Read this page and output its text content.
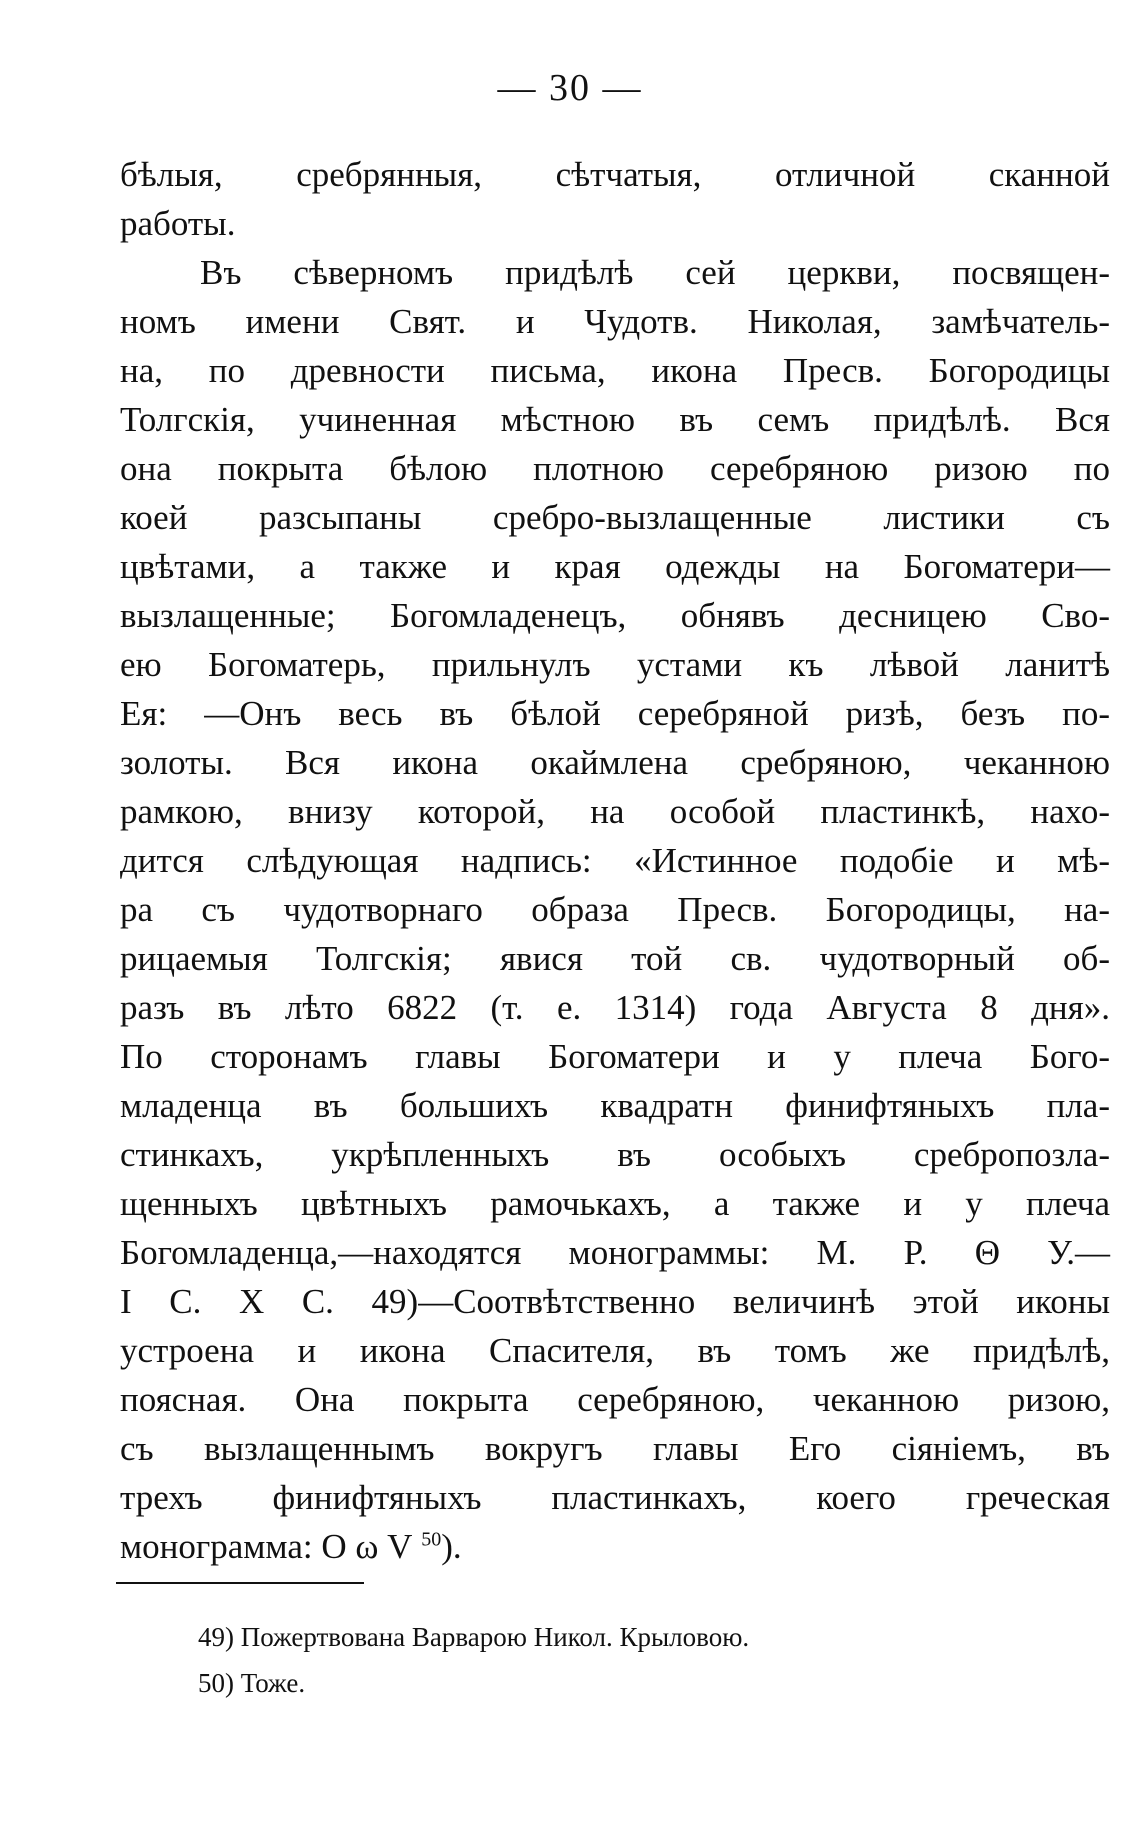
— 30 —
бѣлыя, сребрянныя, сѣтчатыя, отличной сканной
работы.
Въ сѣверномъ придѣлѣ сей церкви, посвящен-
номъ имени Свят. и Чудотв. Николая, замѣчатель-
на, по древности письма, икона Пресв. Богородицы
Толгскія, учиненная мѣстною въ семъ придѣлѣ. Вся
она покрыта бѣлою плотною серебряною ризою по
коей разсыпаны сребро-вызлащенные листики съ
цвѣтами, а также и края одежды на Богоматери—
вызлащенные; Богомладенецъ, обнявъ десницею Сво-
ею Богоматерь, прильнулъ устами къ лѣвой ланитѣ
Ея: —Онъ весь въ бѣлой серебряной ризѣ, безъ по-
золоты. Вся икона окаймлена сребряною, чеканною
рамкою, внизу которой, на особой пластинкѣ, нахо-
дится слѣдующая надпись: «Истинное подобіе и мѣ-
ра съ чудотворнаго образа Пресв. Богородицы, на-
рицаемыя Толгскія; явися той св. чудотворный об-
разъ въ лѣто 6822 (т. е. 1314) года Августа 8 дня».
По сторонамъ главы Богоматери и у плеча Бого-
младенца въ большихъ квадратн финифтяныхъ пла-
стинкахъ, укрѣпленныхъ въ особыхъ сребропозла-
щенныхъ цвѣтныхъ рамочькахъ, а также и у плеча
Богомладенца,—находятся монограммы: М. Р. Θ У.—
I С. X С. 49)—Соотвѣтственно величинѣ этой иконы
устроена и икона Спасителя, въ томъ же придѣлѣ,
поясная. Она покрыта серебряною, чеканною ризою,
съ вызлащеннымъ вокругъ главы Его сіяніемъ, въ
трехъ финифтяныхъ пластинкахъ, коего греческая
монограмма: О ω V $^{50}$).
49) Пожертвована Варварою Никол. Крыловою.
50) Тоже.
